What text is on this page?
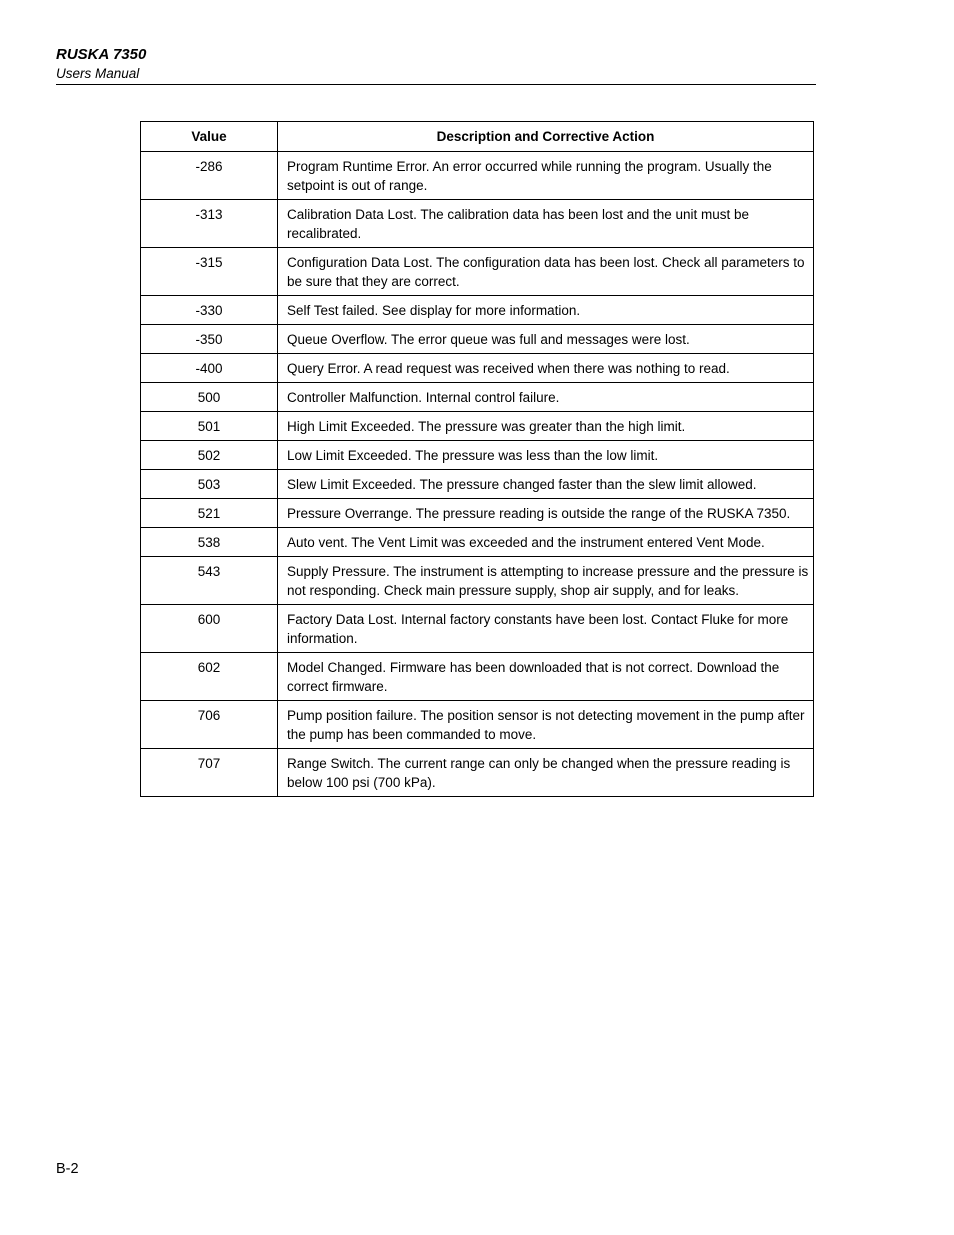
RUSKA 7350
Users Manual
Value	Description and Corrective Action
-286	Program Runtime Error. An error occurred while running the program. Usually the setpoint is out of range.
-313	Calibration Data Lost. The calibration data has been lost and the unit must be recalibrated.
-315	Configuration Data Lost. The configuration data has been lost. Check all parameters to be sure that they are correct.
-330	Self Test failed. See display for more information.
-350	Queue Overflow. The error queue was full and messages were lost.
-400	Query Error. A read request was received when there was nothing to read.
500	Controller Malfunction. Internal control failure.
501	High Limit Exceeded. The pressure was greater than the high limit.
502	Low Limit Exceeded. The pressure was less than the low limit.
503	Slew Limit Exceeded. The pressure changed faster than the slew limit allowed.
521	Pressure Overrange. The pressure reading is outside the range of the RUSKA 7350.
538	Auto vent. The Vent Limit was exceeded and the instrument entered Vent Mode.
543	Supply Pressure. The instrument is attempting to increase pressure and the pressure is not responding. Check main pressure supply, shop air supply, and for leaks.
600	Factory Data Lost. Internal factory constants have been lost. Contact Fluke for more information.
602	Model Changed. Firmware has been downloaded that is not correct. Download the correct firmware.
706	Pump position failure. The position sensor is not detecting movement in the pump after the pump has been commanded to move.
707	Range Switch. The current range can only be changed when the pressure reading is below 100 psi (700 kPa).
B-2
